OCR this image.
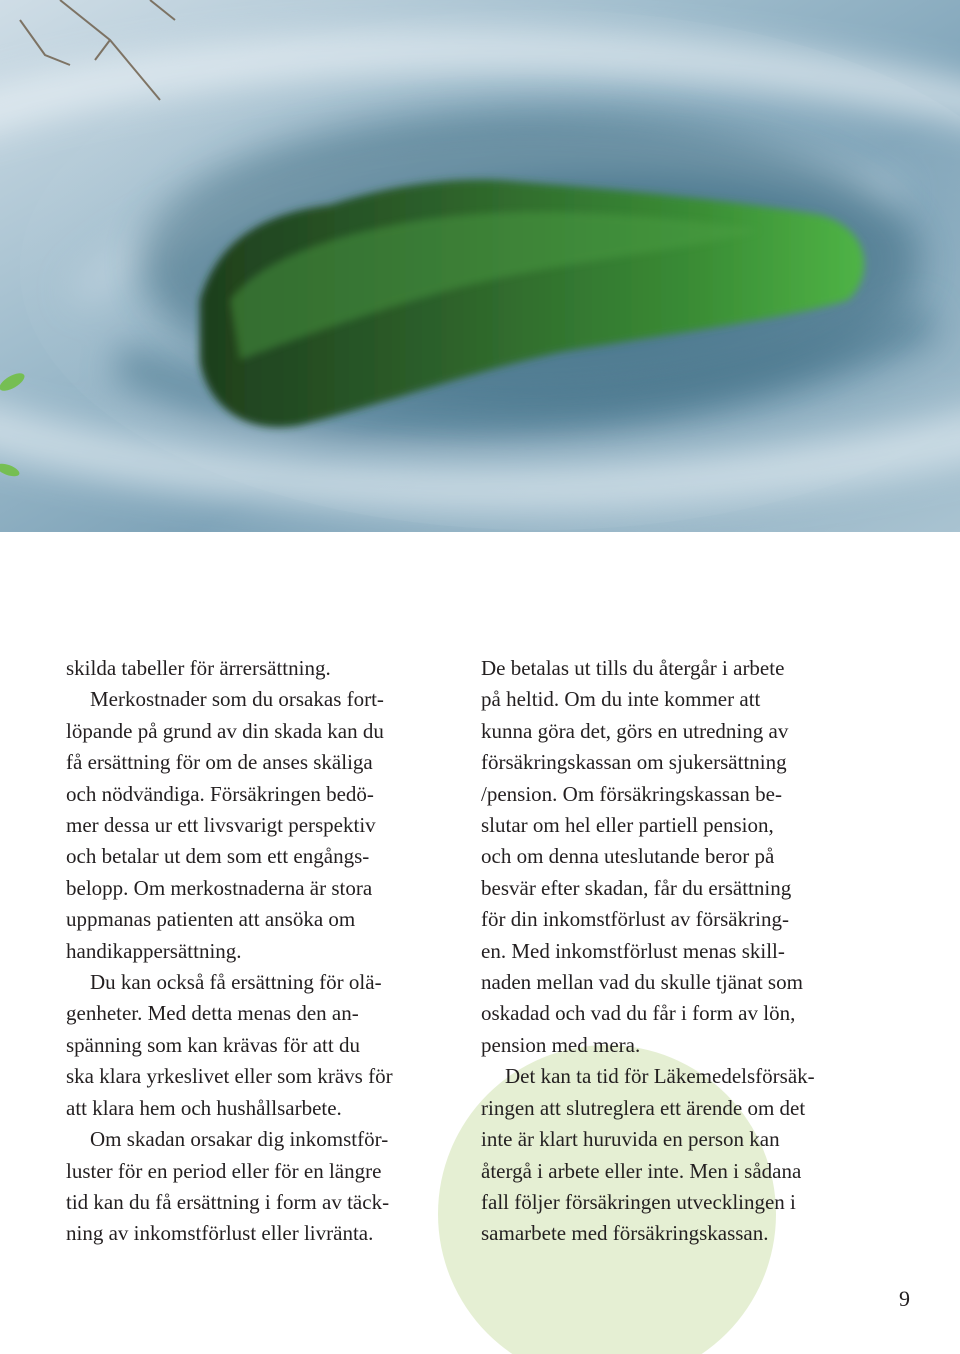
skilda tabeller för ärrersättning.
Merkostnader som du orsakas fort-
löpande på grund av din skada kan du
få ersättning för om de anses skäliga
och nödvändiga. Försäkringen bedö-
mer dessa ur ett livsvarigt perspektiv
och betalar ut dem som ett engångs-
belopp. Om merkostnaderna är stora
uppmanas patienten att ansöka om
handikappersättning.
Du kan också få ersättning för olä-
genheter. Med detta menas den an-
spänning som kan krävas för att du
ska klara yrkeslivet eller som krävs för
att klara hem och hushållsarbete.
Om skadan orsakar dig inkomstför-
luster för en period eller för en längre
tid kan du få ersättning i form av täck-
ning av inkomstförlust eller livränta.
De betalas ut tills du återgår i arbete
på heltid. Om du inte kommer att
kunna göra det, görs en utredning av
försäkringskassan om sjukersättning
/pension. Om försäkringskassan be-
slutar om hel eller partiell pension,
och om denna uteslutande beror på
besvär efter skadan, får du ersättning
för din inkomstförlust av försäkring-
en. Med inkomstförlust menas skill-
naden mellan vad du skulle tjänat som
oskadad och vad du får i form av lön,
pension med mera.
Det kan ta tid för Läkemedelsförsäk-
ringen att slutreglera ett ärende om det
inte är klart huruvida en person kan
återgå i arbete eller inte. Men i sådana
fall följer försäkringen utvecklingen i
samarbete med försäkringskassan.
9
